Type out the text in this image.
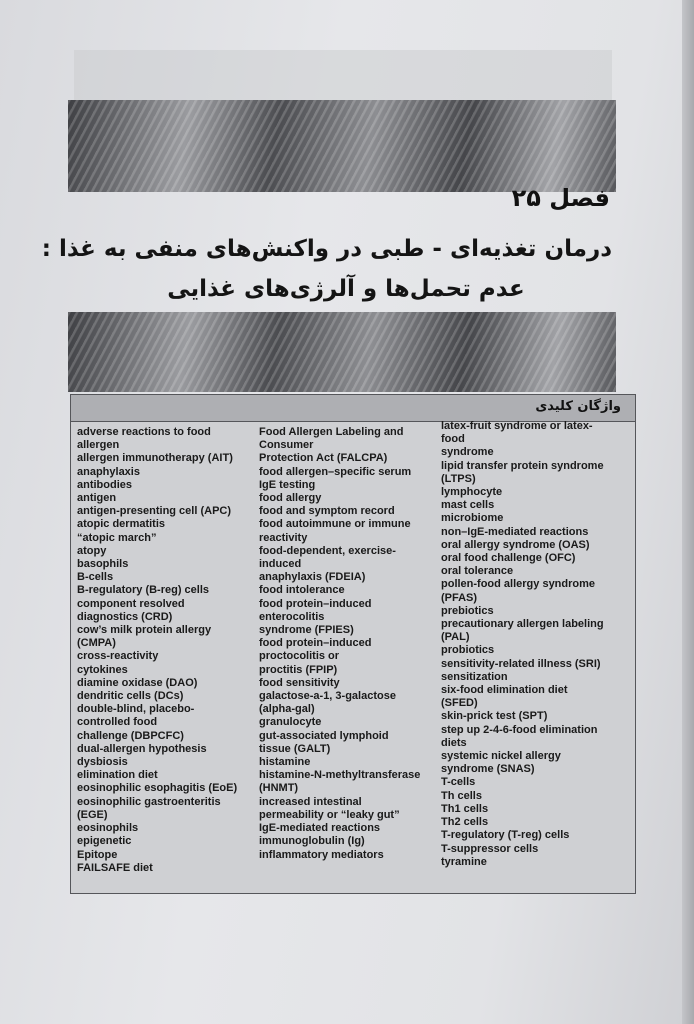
فصل ۲۵
درمان تغذیه‌ای - طبی در واکنش‌های منفی به غذا :
عدم تحمل‌ها و آلرژی‌های غذایی
واژگان کلیدی
adverse reactions to food
allergen
allergen immunotherapy (AIT)
anaphylaxis
antibodies
antigen
antigen-presenting cell (APC)
atopic dermatitis
“atopic march”
atopy
basophils
B-cells
B-regulatory (B-reg) cells
component resolved
diagnostics (CRD)
cow’s milk protein allergy
(CMPA)
cross-reactivity
cytokines
diamine oxidase (DAO)
dendritic cells (DCs)
double-blind, placebo-
controlled food
challenge (DBPCFC)
dual-allergen hypothesis
dysbiosis
elimination diet
eosinophilic esophagitis (EoE)
eosinophilic gastroenteritis
(EGE)
eosinophils
epigenetic
Epitope
FAILSAFE diet
Food Allergen Labeling and
Consumer
Protection Act (FALCPA)
food allergen–specific serum
IgE testing
food allergy
food and symptom record
food autoimmune or immune
reactivity
food-dependent, exercise-
induced
anaphylaxis (FDEIA)
food intolerance
food protein–induced
enterocolitis
syndrome (FPIES)
food protein–induced
proctocolitis or
proctitis (FPIP)
food sensitivity
galactose-a-1, 3-galactose
(alpha-gal)
granulocyte
gut-associated lymphoid
tissue (GALT)
histamine
histamine-N-methyltransferase
(HNMT)
increased intestinal
permeability or “leaky gut”
IgE-mediated reactions
immunoglobulin (Ig)
inflammatory mediators
latex-fruit syndrome or latex-
food
syndrome
lipid transfer protein syndrome
(LTPS)
lymphocyte
mast cells
microbiome
non–IgE-mediated reactions
oral allergy syndrome (OAS)
oral food challenge (OFC)
oral tolerance
pollen-food allergy syndrome
(PFAS)
prebiotics
precautionary allergen labeling
(PAL)
probiotics
sensitivity-related illness (SRI)
sensitization
six-food elimination diet
(SFED)
skin-prick test (SPT)
step up 2-4-6-food elimination
diets
systemic nickel allergy
syndrome (SNAS)
T-cells
Th cells
Th1 cells
Th2 cells
T-regulatory (T-reg) cells
T-suppressor cells
tyramine
